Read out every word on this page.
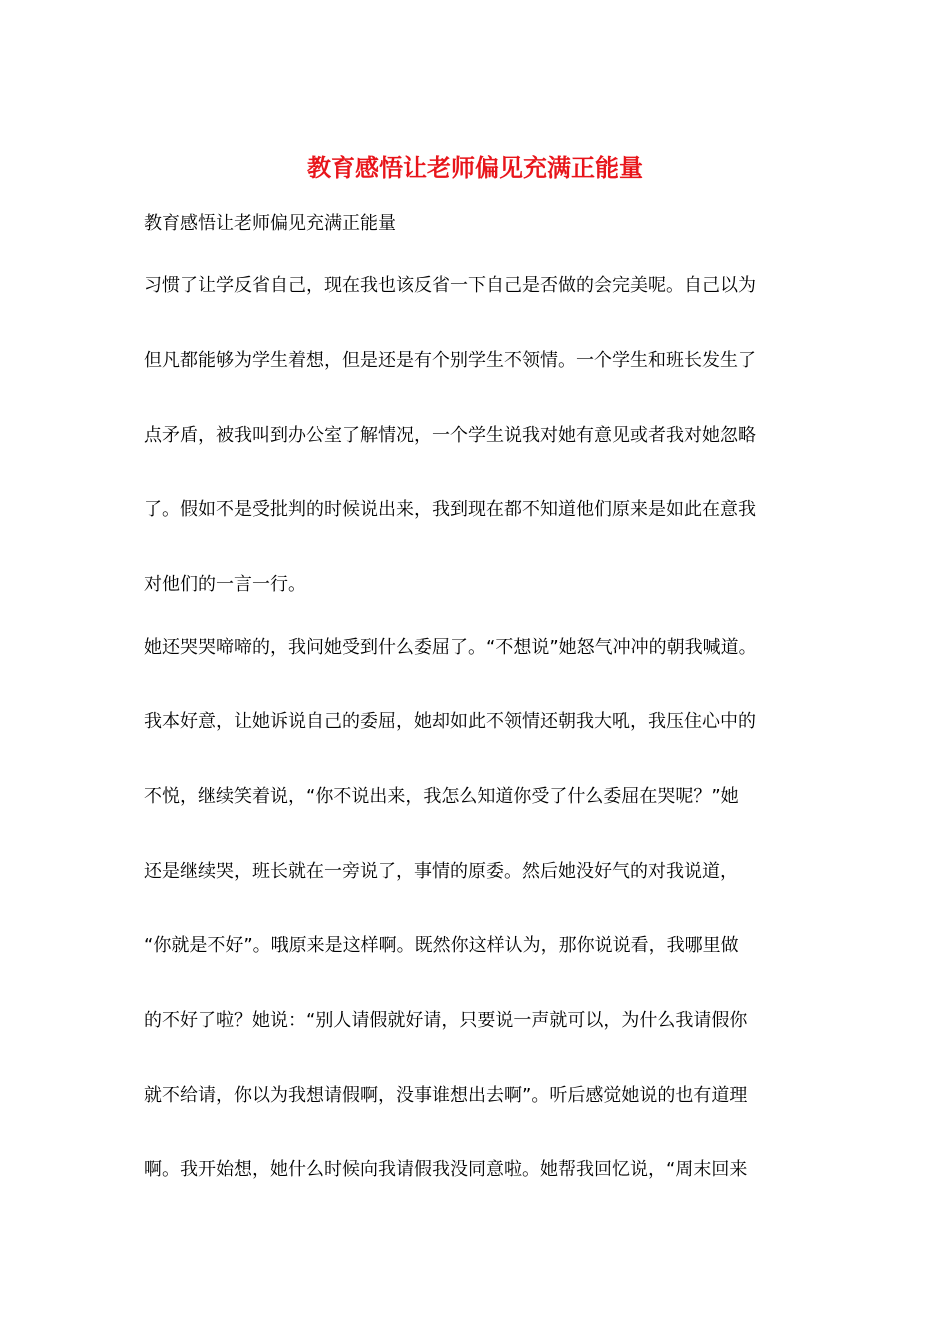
教育感悟让老师偏见充满正能量

教育感悟让老师偏见充满正能量

习惯了让学反省自己，现在我也该反省一下自己是否做的会完美呢。自己以为

但凡都能够为学生着想，但是还是有个别学生不领情。一个学生和班长发生了

点矛盾，被我叫到办公室了解情况，一个学生说我对她有意见或者我对她忽略

了。假如不是受批判的时候说出来，我到现在都不知道他们原来是如此在意我

对他们的一言一行。

她还哭哭啼啼的，我问她受到什么委屈了。“不想说”她怒气冲冲的朝我喊道。

我本好意，让她诉说自己的委屈，她却如此不领情还朝我大吼，我压住心中的

不悦，继续笑着说，“你不说出来，我怎么知道你受了什么委屈在哭呢？”她

还是继续哭，班长就在一旁说了，事情的原委。然后她没好气的对我说道，

“你就是不好”。哦原来是这样啊。既然你这样认为，那你说说看，我哪里做

的不好了啦？她说：“别人请假就好请，只要说一声就可以，为什么我请假你

就不给请，你以为我想请假啊，没事谁想出去啊”。听后感觉她说的也有道理

啊。我开始想，她什么时候向我请假我没同意啦。她帮我回忆说，“周末回来
